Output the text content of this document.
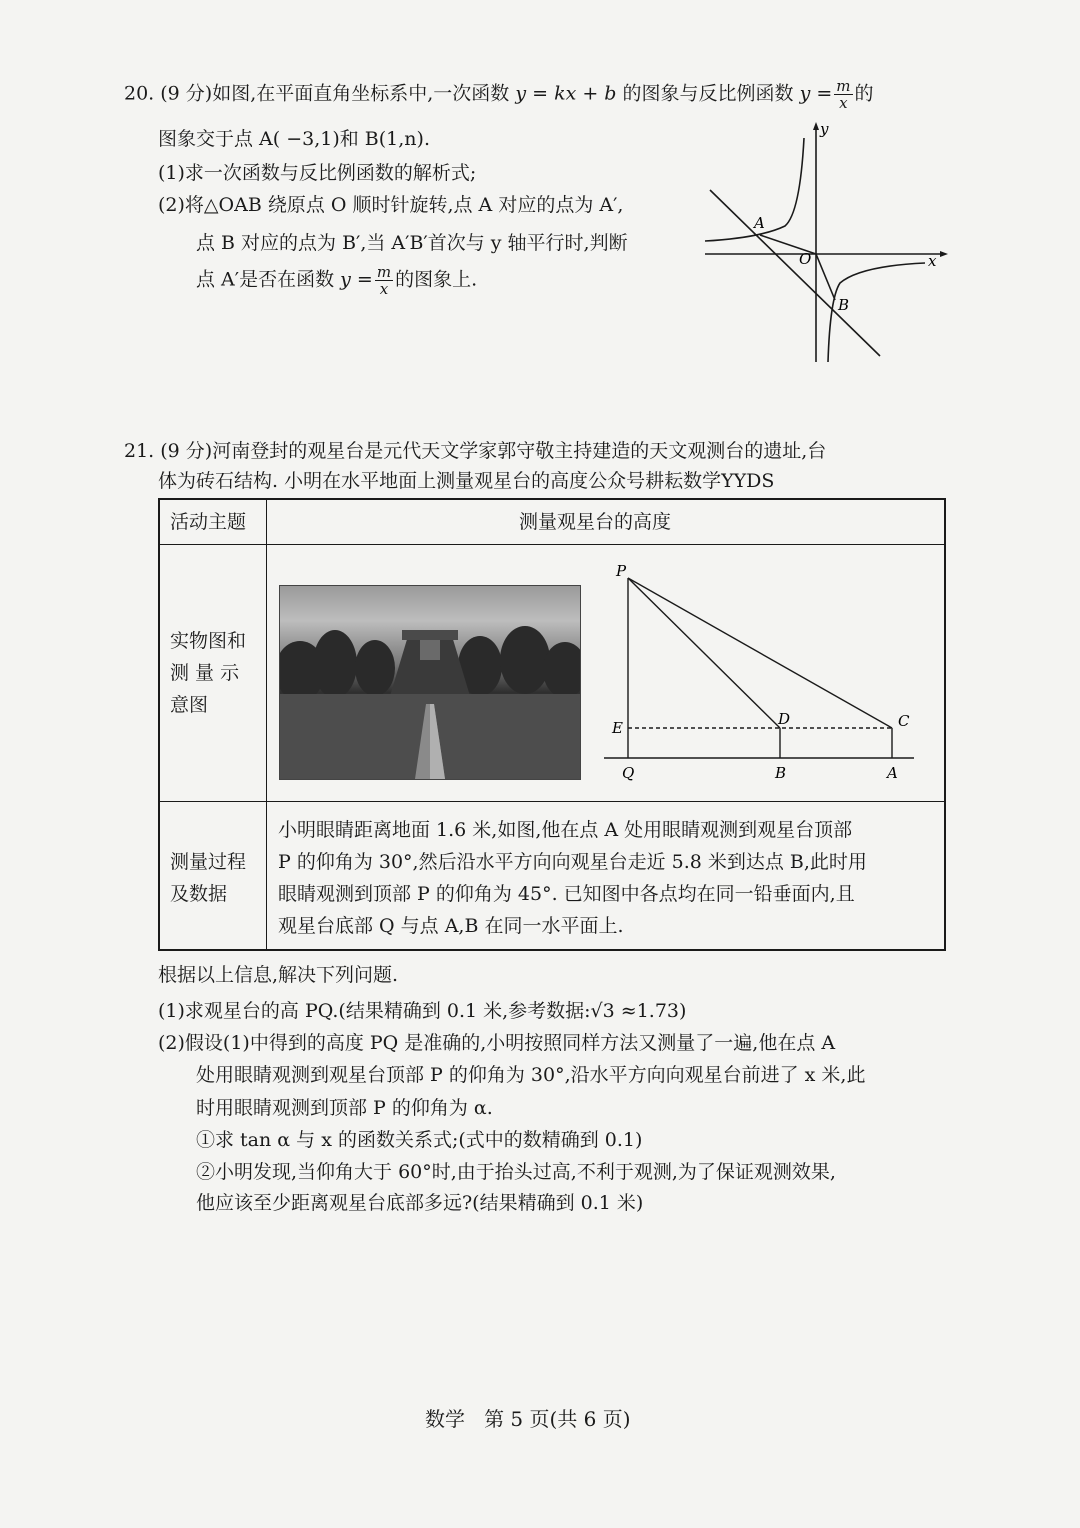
20. (9 分)如图,在平面直角坐标系中,一次函数 y = kx + b 的图象与反比例函数 $y = \frac{m}{x}$ 的
图象交于点 A( −3,1)和 B(1,n).
(1)求一次函数与反比例函数的解析式;
(2)将△OAB 绕原点 O 顺时针旋转,点 A 对应的点为 A′,
点 B 对应的点为 B′,当 A′B′首次与 y 轴平行时,判断
点 A′是否在函数 $y = \frac{m}{x}$ 的图象上.
y
x
A
O
B
21. (9 分)河南登封的观星台是元代天文学家郭守敬主持建造的天文观测台的遗址,台
体为砖石结构. 小明在水平地面上测量观星台的高度公众号耕耘数学YYDS
活动主题	测量观星台的高度
实物图和
测 量 示
意图
P
E	D	C
Q	B	A
测量过程
及数据
小明眼睛距离地面 1.6 米,如图,他在点 A 处用眼睛观测到观星台顶部
P 的仰角为 30°,然后沿水平方向向观星台走近 5.8 米到达点 B,此时用
眼睛观测到顶部 P 的仰角为 45°. 已知图中各点均在同一铅垂面内,且
观星台底部 Q 与点 A,B 在同一水平面上.
根据以上信息,解决下列问题.
(1)求观星台的高 PQ.(结果精确到 0.1 米,参考数据:√3 ≈1.73)
(2)假设(1)中得到的高度 PQ 是准确的,小明按照同样方法又测量了一遍,他在点 A
处用眼睛观测到观星台顶部 P 的仰角为 30°,沿水平方向向观星台前进了 x 米,此
时用眼睛观测到顶部 P 的仰角为 α.
①求 tan α 与 x 的函数关系式;(式中的数精确到 0.1)
②小明发现,当仰角大于 60°时,由于抬头过高,不利于观测,为了保证观测效果,
他应该至少距离观星台底部多远?(结果精确到 0.1 米)
数学   第 5 页(共 6 页)
